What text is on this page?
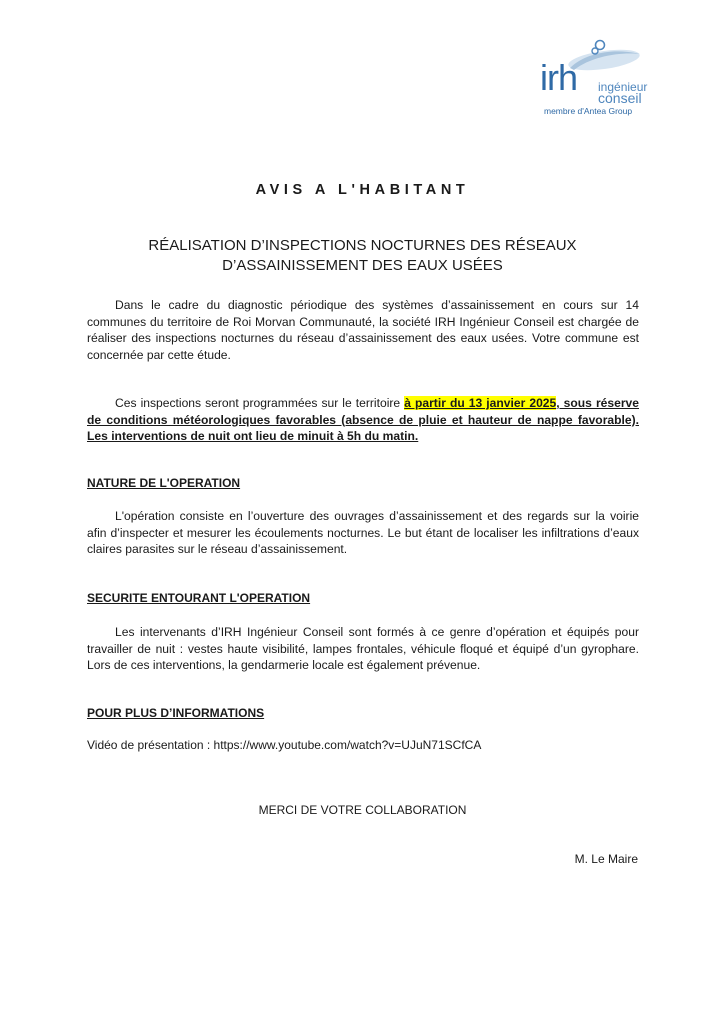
irh ingénieur
conseil
membre d'Antea Group
AVIS A L'HABITANT
RÉALISATION D’INSPECTIONS NOCTURNES DES RÉSEAUX
D’ASSAINISSEMENT DES EAUX USÉES
Dans le cadre du diagnostic périodique des systèmes d’assainissement en cours sur 14 communes du territoire de Roi Morvan Communauté, la société IRH Ingénieur Conseil est chargée de réaliser des inspections nocturnes du réseau d’assainissement des eaux usées. Votre commune est concernée par cette étude.
Ces inspections seront programmées sur le territoire à partir du 13 janvier 2025, sous réserve de conditions météorologiques favorables (absence de pluie et hauteur de nappe favorable). Les interventions de nuit ont lieu de minuit à 5h du matin.
NATURE DE L'OPERATION
L'opération consiste en l’ouverture des ouvrages d’assainissement et des regards sur la voirie afin d’inspecter et mesurer les écoulements nocturnes. Le but étant de localiser les infiltrations d’eaux claires parasites sur le réseau d’assainissement.
SECURITE ENTOURANT L'OPERATION
Les intervenants d’IRH Ingénieur Conseil sont formés à ce genre d’opération et équipés pour travailler de nuit : vestes haute visibilité, lampes frontales, véhicule floqué et équipé d’un gyrophare. Lors de ces interventions, la gendarmerie locale est également prévenue.
POUR PLUS D’INFORMATIONS
Vidéo de présentation : https://www.youtube.com/watch?v=UJuN71SCfCA
MERCI DE VOTRE COLLABORATION
M. Le Maire
